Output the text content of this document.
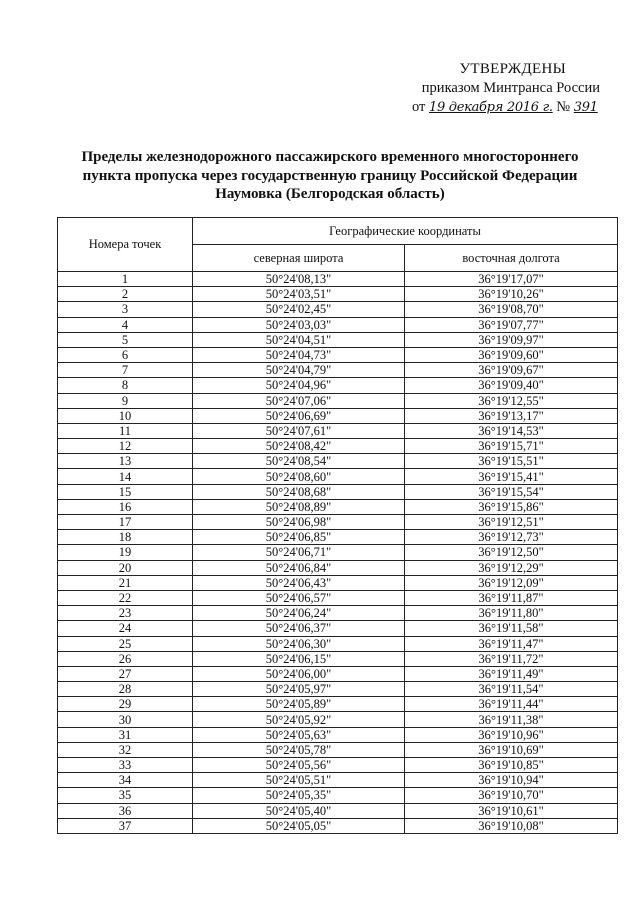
УТВЕРЖДЕНЫ
приказом Минтранса России
от 19 декабря 2016 г. № 391
Пределы железнодорожного пассажирского временного многостороннего пункта пропуска через государственную границу Российской Федерации Наумовка (Белгородская область)
Номера точек	Географические координаты	
	северная широта	восточная долгота
1	50°24'08,13"	36°19'17,07"
2	50°24'03,51"	36°19'10,26"
3	50°24'02,45"	36°19'08,70"
4	50°24'03,03"	36°19'07,77"
5	50°24'04,51"	36°19'09,97"
6	50°24'04,73"	36°19'09,60"
7	50°24'04,79"	36°19'09,67"
8	50°24'04,96"	36°19'09,40"
9	50°24'07,06"	36°19'12,55"
10	50°24'06,69"	36°19'13,17"
11	50°24'07,61"	36°19'14,53"
12	50°24'08,42"	36°19'15,71"
13	50°24'08,54"	36°19'15,51"
14	50°24'08,60"	36°19'15,41"
15	50°24'08,68"	36°19'15,54"
16	50°24'08,89"	36°19'15,86"
17	50°24'06,98"	36°19'12,51"
18	50°24'06,85"	36°19'12,73"
19	50°24'06,71"	36°19'12,50"
20	50°24'06,84"	36°19'12,29"
21	50°24'06,43"	36°19'12,09"
22	50°24'06,57"	36°19'11,87"
23	50°24'06,24"	36°19'11,80"
24	50°24'06,37"	36°19'11,58"
25	50°24'06,30"	36°19'11,47"
26	50°24'06,15"	36°19'11,72"
27	50°24'06,00"	36°19'11,49"
28	50°24'05,97"	36°19'11,54"
29	50°24'05,89"	36°19'11,44"
30	50°24'05,92"	36°19'11,38"
31	50°24'05,63"	36°19'10,96"
32	50°24'05,78"	36°19'10,69"
33	50°24'05,56"	36°19'10,85"
34	50°24'05,51"	36°19'10,94"
35	50°24'05,35"	36°19'10,70"
36	50°24'05,40"	36°19'10,61"
37	50°24'05,05"	36°19'10,08"
